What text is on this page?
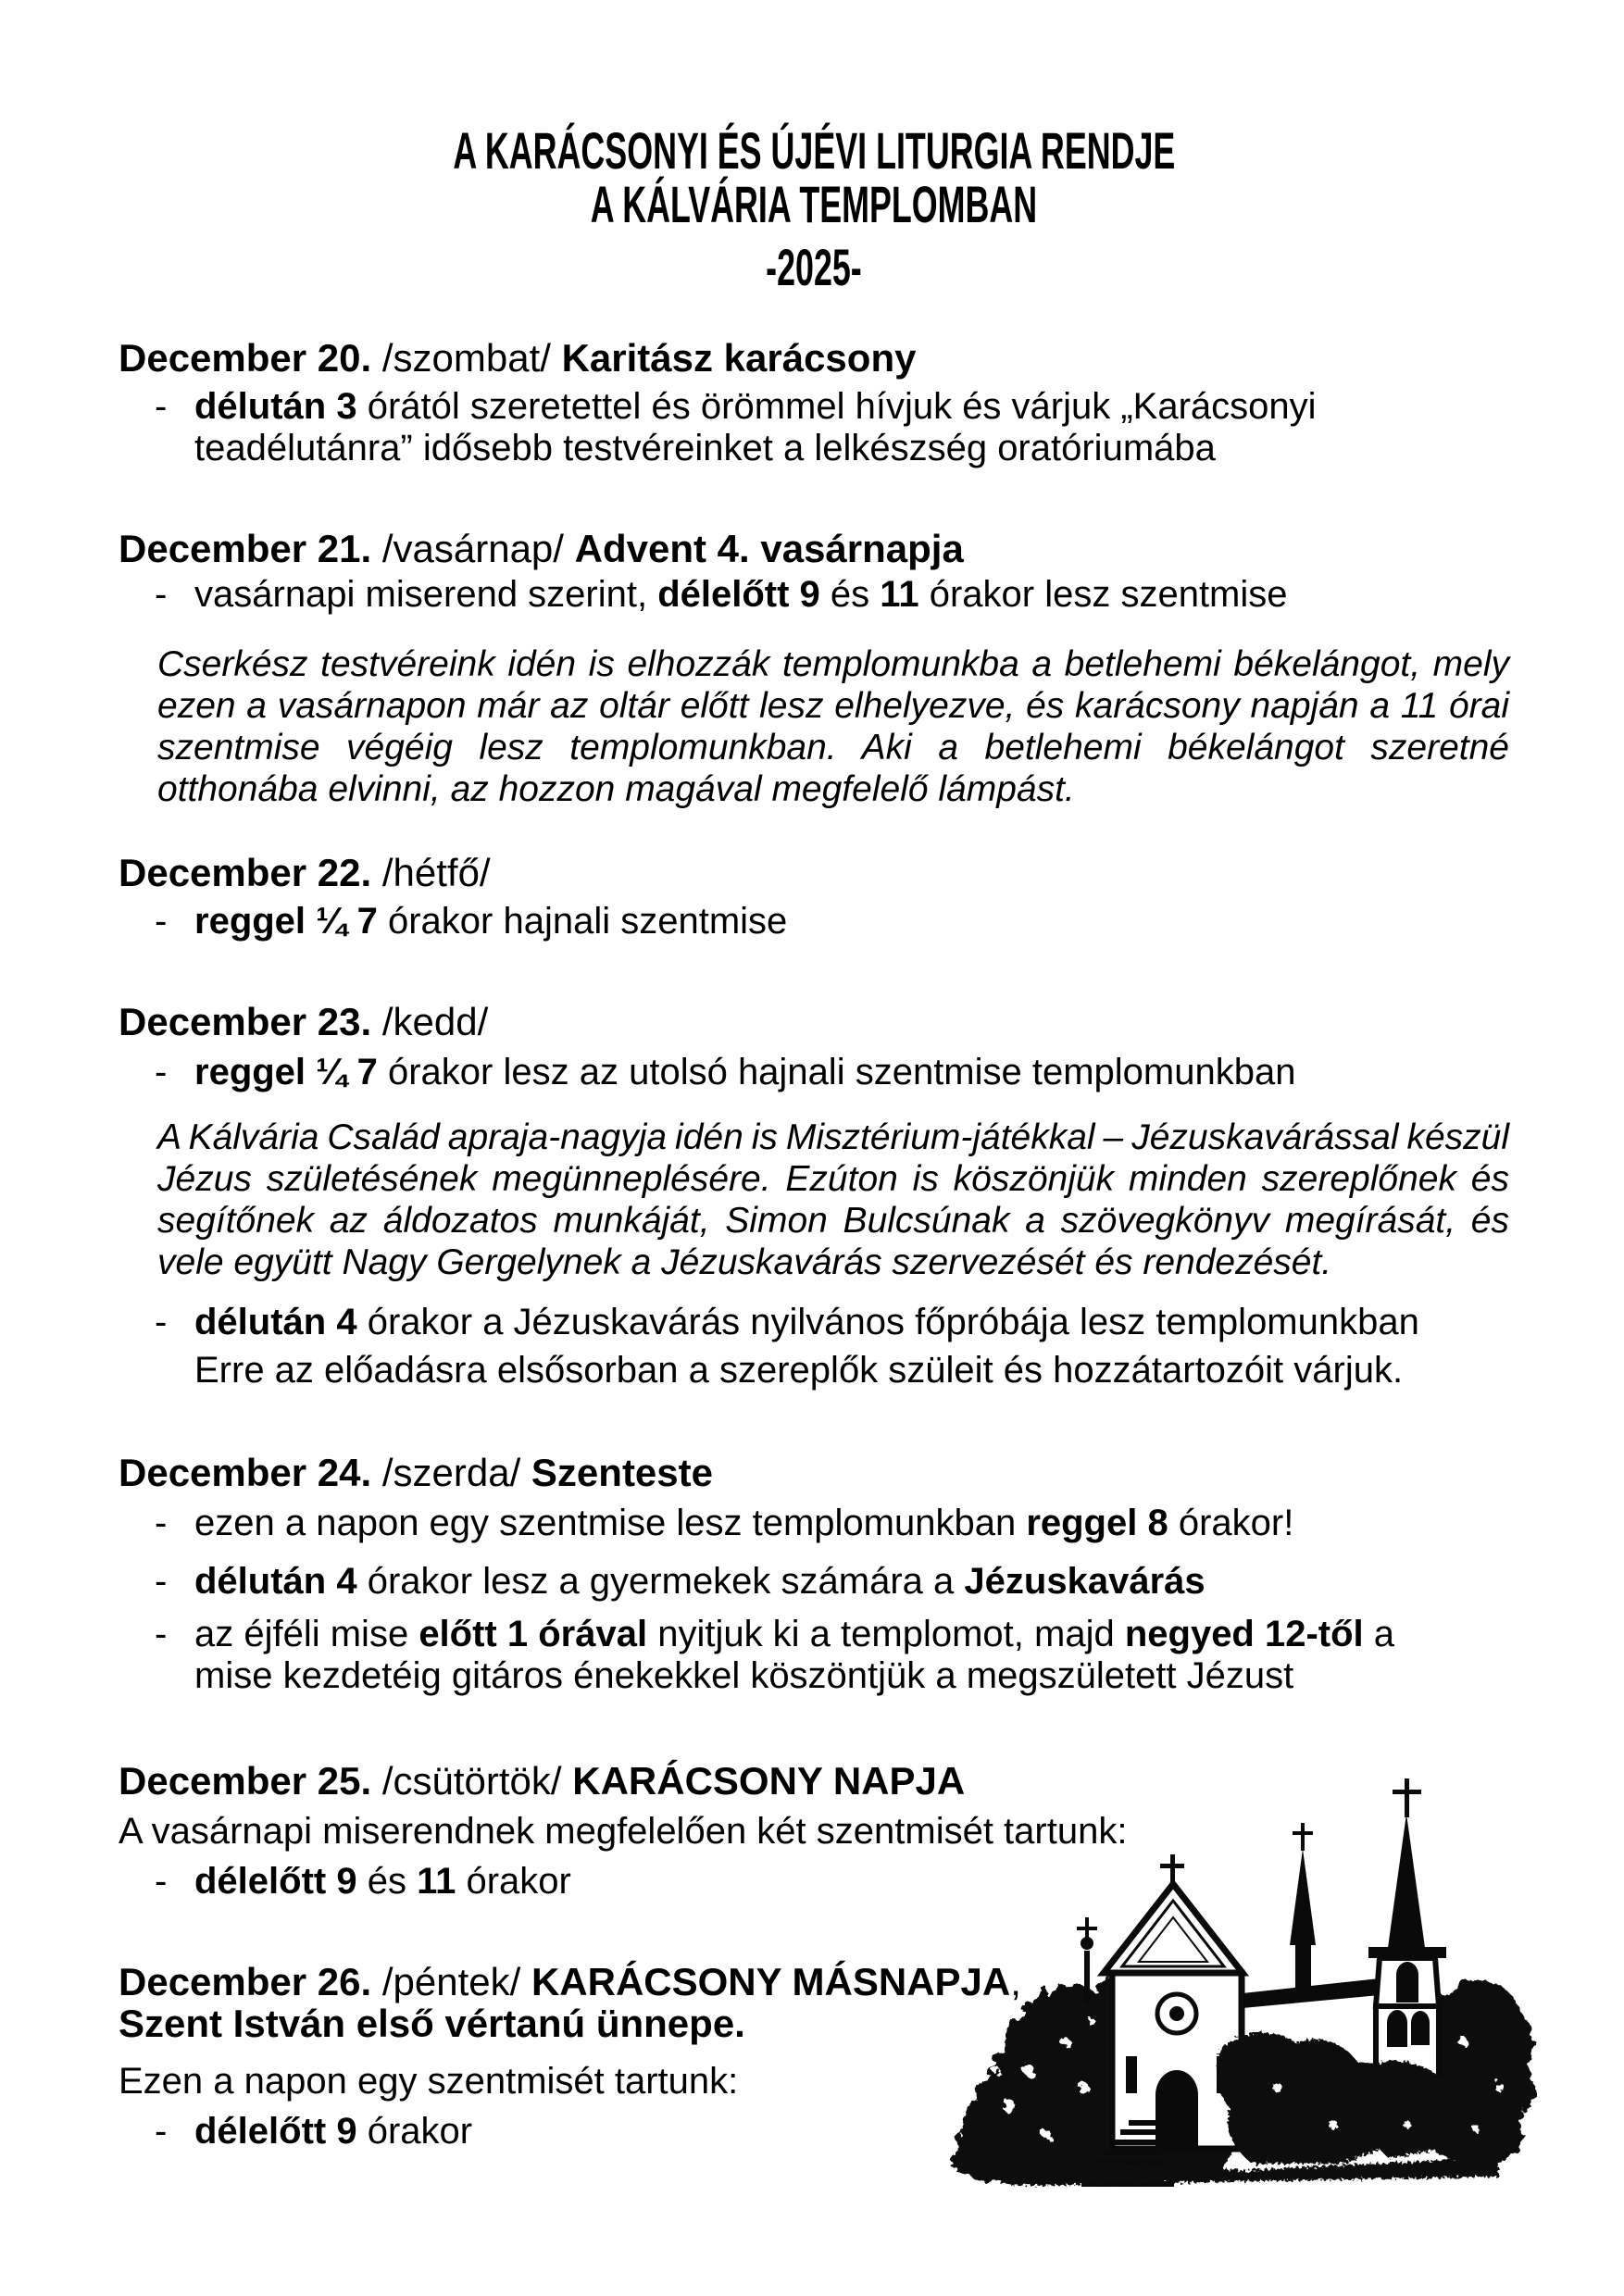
A KARÁCSONYI ÉS ÚJÉVI LITURGIA RENDJE
A KÁLVÁRIA TEMPLOMBAN
-2025-
December 20. /szombat/ Karitász karácsony
- délután 3 órától szeretettel és örömmel hívjuk és várjuk „Karácsonyi
teadélutánra” idősebb testvéreinket a lelkészség oratóriumába
December 21. /vasárnap/ Advent 4. vasárnapja
- vasárnapi miserend szerint, délelőtt 9 és 11 órakor lesz szentmise
Cserkész testvéreink idén is elhozzák templomunkba a betlehemi békelángot, mely
ezen a vasárnapon már az oltár előtt lesz elhelyezve, és karácsony napján a 11 órai
szentmise végéig lesz templomunkban. Aki a betlehemi békelángot szeretné
otthonába elvinni, az hozzon magával megfelelő lámpást.
December 22. /hétfő/
- reggel ¼ 7 órakor hajnali szentmise
December 23. /kedd/
- reggel ¼ 7 órakor lesz az utolsó hajnali szentmise templomunkban
A Kálvária Család apraja-nagyja idén is Misztérium-játékkal – Jézuskavárással készül
Jézus születésének megünneplésére. Ezúton is köszönjük minden szereplőnek és
segítőnek az áldozatos munkáját, Simon Bulcsúnak a szövegkönyv megírását, és
vele együtt Nagy Gergelynek a Jézuskavárás szervezését és rendezését.
- délután 4 órakor a Jézuskavárás nyilvános főpróbája lesz templomunkban
Erre az előadásra elsősorban a szereplők szüleit és hozzátartozóit várjuk.
December 24. /szerda/ Szenteste
- ezen a napon egy szentmise lesz templomunkban reggel 8 órakor!
- délután 4 órakor lesz a gyermekek számára a Jézuskavárás
- az éjféli mise előtt 1 órával nyitjuk ki a templomot, majd negyed 12-től a
mise kezdetéig gitáros énekekkel köszöntjük a megszületett Jézust
December 25. /csütörtök/ KARÁCSONY NAPJA
A vasárnapi miserendnek megfelelően két szentmisét tartunk:
- délelőtt 9 és 11 órakor
December 26. /péntek/ KARÁCSONY MÁSNAPJA,
Szent István első vértanú ünnepe.
Ezen a napon egy szentmisét tartunk:
- délelőtt 9 órakor
